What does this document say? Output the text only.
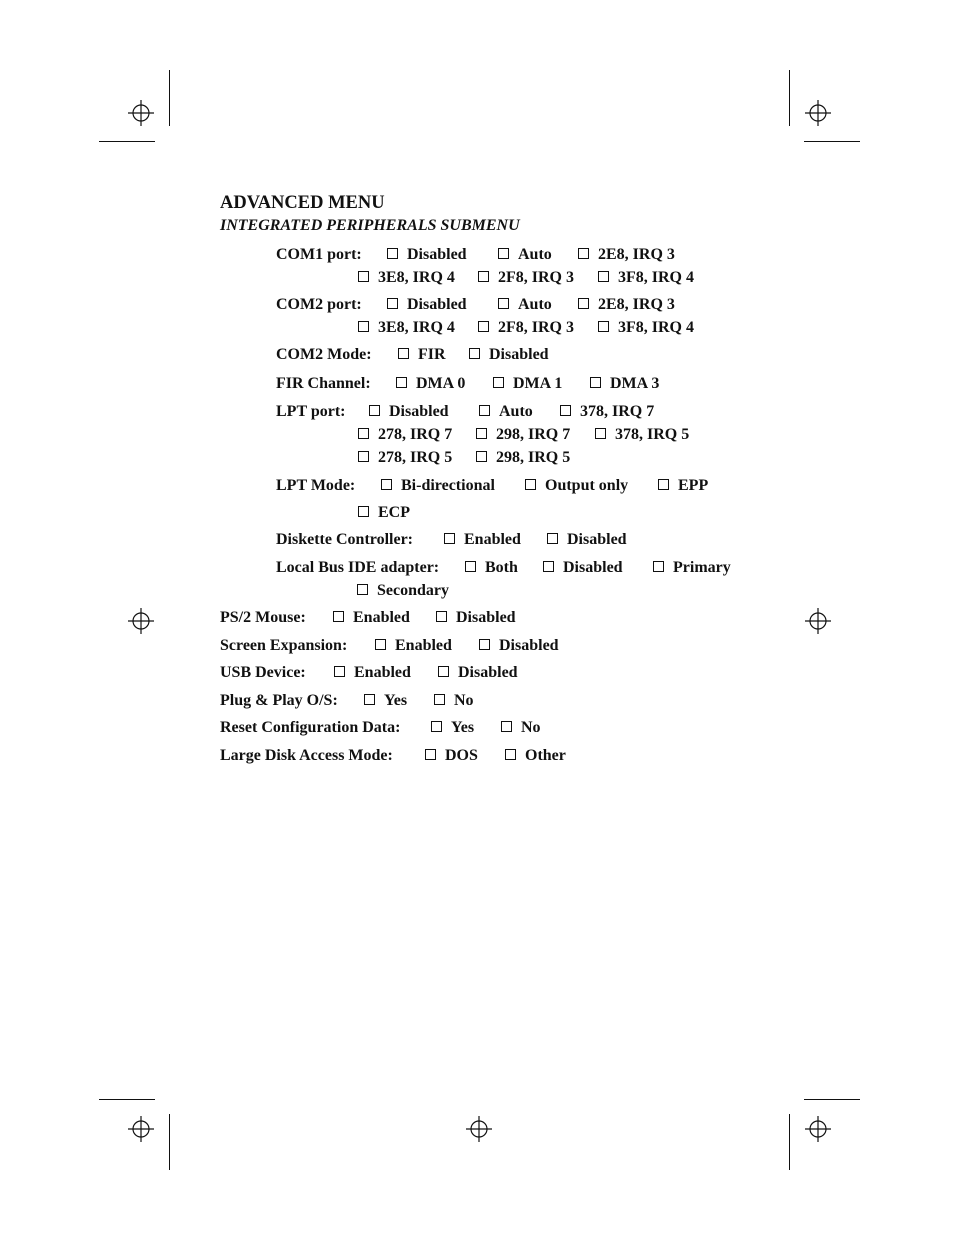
ADVANCED MENU
INTEGRATED PERIPHERALS SUBMENU
COM1 port:	Disabled	Auto	2E8, IRQ 3
3E8, IRQ 4	2F8, IRQ 3	3F8, IRQ 4
COM2 port:	Disabled	Auto	2E8, IRQ 3
3E8, IRQ 4	2F8, IRQ 3	3F8, IRQ 4
COM2 Mode:	FIR	Disabled
FIR Channel:	DMA 0	DMA 1	DMA 3
LPT port:	Disabled	Auto	378, IRQ 7
278, IRQ 7	298, IRQ 7	378, IRQ 5
278, IRQ 5	298, IRQ 5
LPT Mode:	Bi-directional	Output only	EPP
ECP
Diskette Controller:	Enabled	Disabled
Local Bus IDE adapter:	Both	Disabled	Primary
Secondary
PS/2 Mouse:	Enabled	Disabled
Screen Expansion:	Enabled	Disabled
USB Device:	Enabled	Disabled
Plug & Play O/S:	Yes	No
Reset Configuration Data:	Yes	No
Large Disk Access Mode:	DOS	Other
